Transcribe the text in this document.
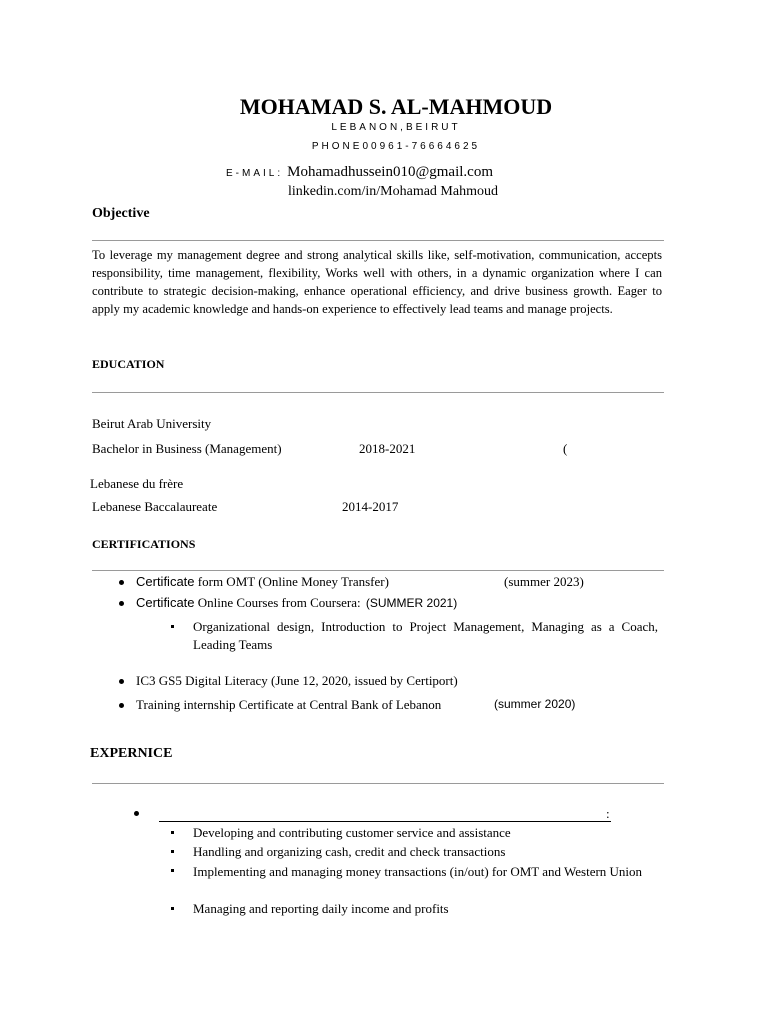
MOHAMAD S. AL-MAHMOUD
LEBANON,BEIRUT
PHONE00961-76664625
E-MAIL: Mohamadhussein010@gmail.com
linkedin.com/in/Mohamad Mahmoud
Objective
To leverage my management degree and strong analytical skills like, self-motivation, communication, accepts responsibility, time management, flexibility, Works well with others, in a dynamic organization where I can contribute to strategic decision-making, enhance operational efficiency, and drive business growth. Eager to apply my academic knowledge and hands-on experience to effectively lead teams and manage projects.
EDUCATION
Beirut Arab University
Bachelor in Business (Management)	2018-2021	(
Lebanese du frère
Lebanese Baccalaureate	2014-2017
CERTIFICATIONS
Certificate form OMT (Online Money Transfer)	(summer 2023)
Certificate Online Courses from Coursera: (SUMMER 2021)
Organizational design, Introduction to Project Management, Managing as a Coach, Leading Teams
IC3 GS5 Digital Literacy (June 12, 2020, issued by Certiport)
Training internship Certificate at Central Bank of Lebanon	(summer 2020)
EXPERNICE
:
Developing and contributing customer service and assistance
Handling and organizing cash, credit and check transactions
Implementing and managing money transactions (in/out) for OMT and Western Union
Managing and reporting daily income and profits
